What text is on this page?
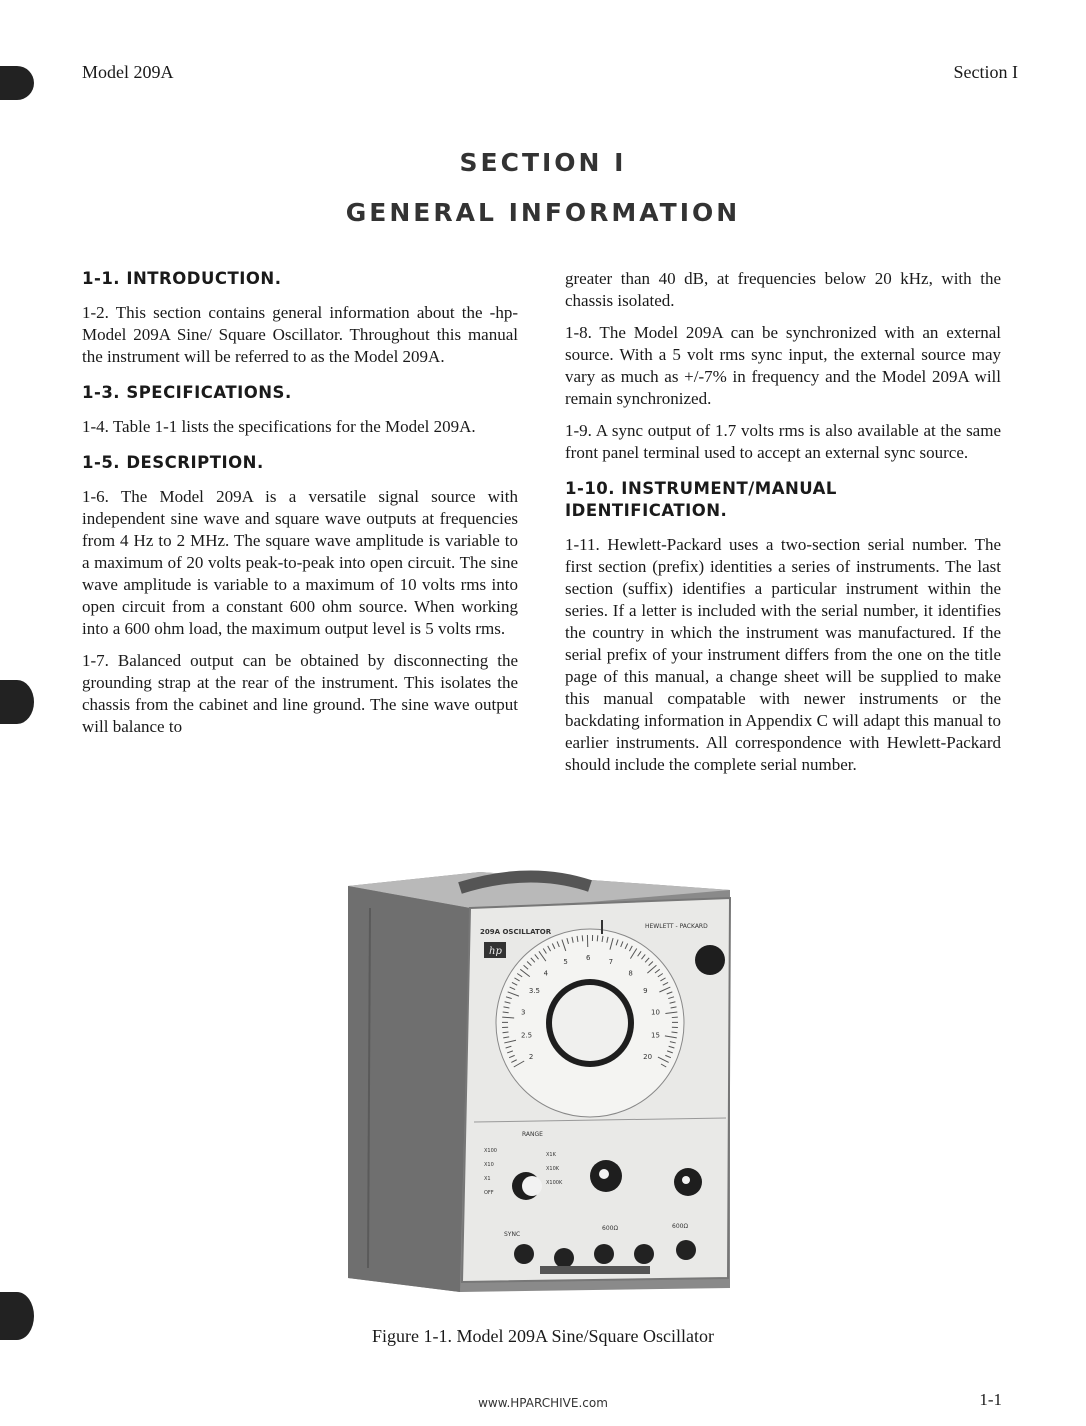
Model 209A	Section I
SECTION I
GENERAL INFORMATION
1-1. INTRODUCTION.

1-2. This section contains general information about the -hp- Model 209A Sine/ Square Oscillator. Throughout this manual the instrument will be referred to as the Model 209A.

1-3. SPECIFICATIONS.

1-4. Table 1-1 lists the specifications for the Model 209A.

1-5. DESCRIPTION.

1-6. The Model 209A is a versatile signal source with independent sine wave and square wave outputs at frequencies from 4 Hz to 2 MHz. The square wave amplitude is variable to a maximum of 20 volts peak-to-peak into open circuit. The sine wave amplitude is variable to a maximum of 10 volts rms into open circuit from a constant 600 ohm source. When working into a 600 ohm load, the maximum output level is 5 volts rms.

1-7. Balanced output can be obtained by disconnecting the grounding strap at the rear of the instrument. This isolates the chassis from the cabinet and line ground. The sine wave output will balance to

greater than 40 dB, at frequencies below 20 kHz, with the chassis isolated.

1-8. The Model 209A can be synchronized with an external source. With a 5 volt rms sync input, the external source may vary as much as +/-7% in frequency and the Model 209A will remain synchronized.

1-9. A sync output of 1.7 volts rms is also available at the same front panel terminal used to accept an external sync source.

1-10. INSTRUMENT/MANUAL IDENTIFICATION.

1-11. Hewlett-Packard uses a two-section serial number. The first section (prefix) identities a series of instruments. The last section (suffix) identifies a particular instrument within the series. If a letter is included with the serial number, it identifies the country in which the instrument was manufactured. If the serial prefix of your instrument differs from the one on the title page of this manual, a change sheet will be supplied to make this manual compatable with newer instruments or the backdating information in Appendix C will adapt this manual to earlier instruments. All correspondence with Hewlett-Packard should include the complete serial number.

209A OSCILLATOR
HEWLETT - PACKARD
hp
2
2.5
3
3.5
4
5	6	7
8
9
10
15
20
RANGE
X100
X10
X1
OFF
X1K
X10K
X100K
SYNC
600Ω	600Ω
Figure 1-1. Model 209A Sine/Square Oscillator
1-1
www.HPARCHIVE.com
